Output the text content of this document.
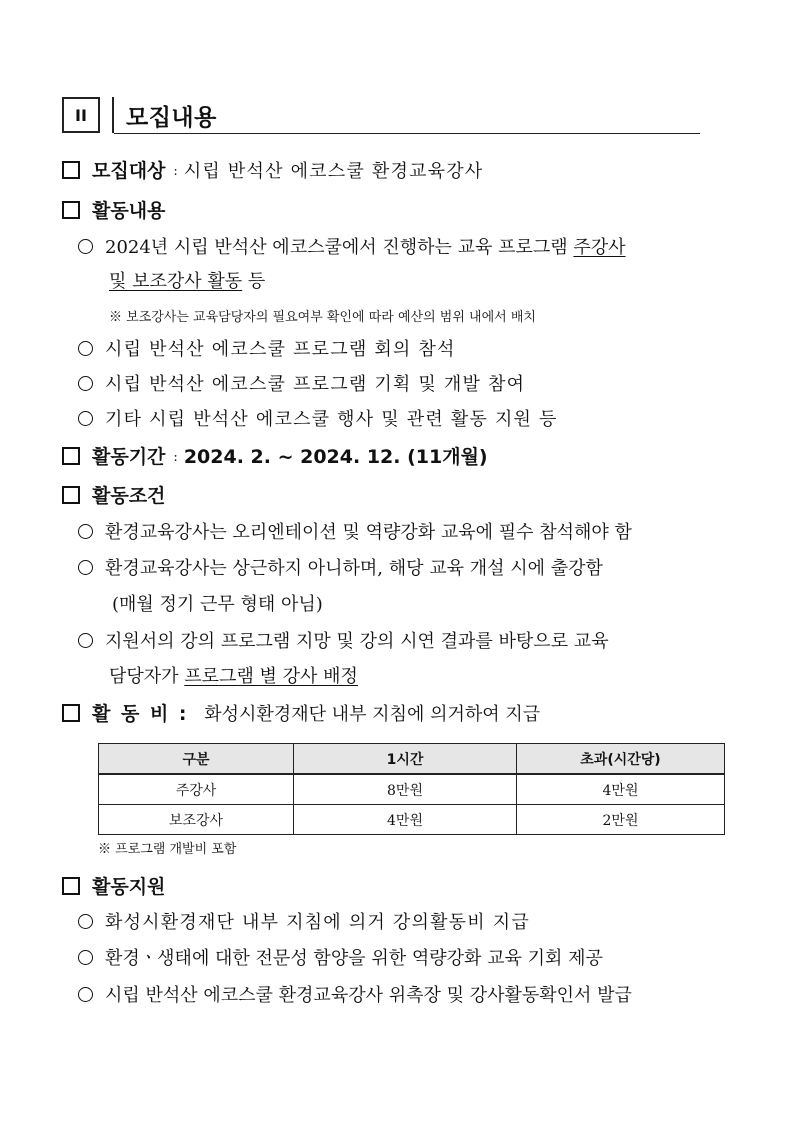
II	모집내용
모집대상 : 시립 반석산 에코스쿨 환경교육강사
활동내용
2024년 시립 반석산 에코스쿨에서 진행하는 교육 프로그램 주강사
및 보조강사 활동 등
※ 보조강사는 교육담당자의 필요여부 확인에 따라 예산의 범위 내에서 배치
시립 반석산 에코스쿨 프로그램 회의 참석
시립 반석산 에코스쿨 프로그램 기획 및 개발 참여
기타 시립 반석산 에코스쿨 행사 및 관련 활동 지원 등
활동기간 : 2024. 2. ~ 2024. 12. (11개월)
활동조건
환경교육강사는 오리엔테이션 및 역량강화 교육에 필수 참석해야 함
환경교육강사는 상근하지 아니하며, 해당 교육 개설 시에 출강함
(매월 정기 근무 형태 아님)
지원서의 강의 프로그램 지망 및 강의 시연 결과를 바탕으로 교육
담당자가 프로그램 별 강사 배정
활 동 비 : 화성시환경재단 내부 지침에 의거하여 지급
구분	1시간	초과(시간당)
주강사	8만원	4만원
보조강사	4만원	2만원
※ 프로그램 개발비 포함
활동지원
화성시환경재단 내부 지침에 의거 강의활동비 지급
환경ㆍ생태에 대한 전문성 함양을 위한 역량강화 교육 기회 제공
시립 반석산 에코스쿨 환경교육강사 위촉장 및 강사활동확인서 발급
